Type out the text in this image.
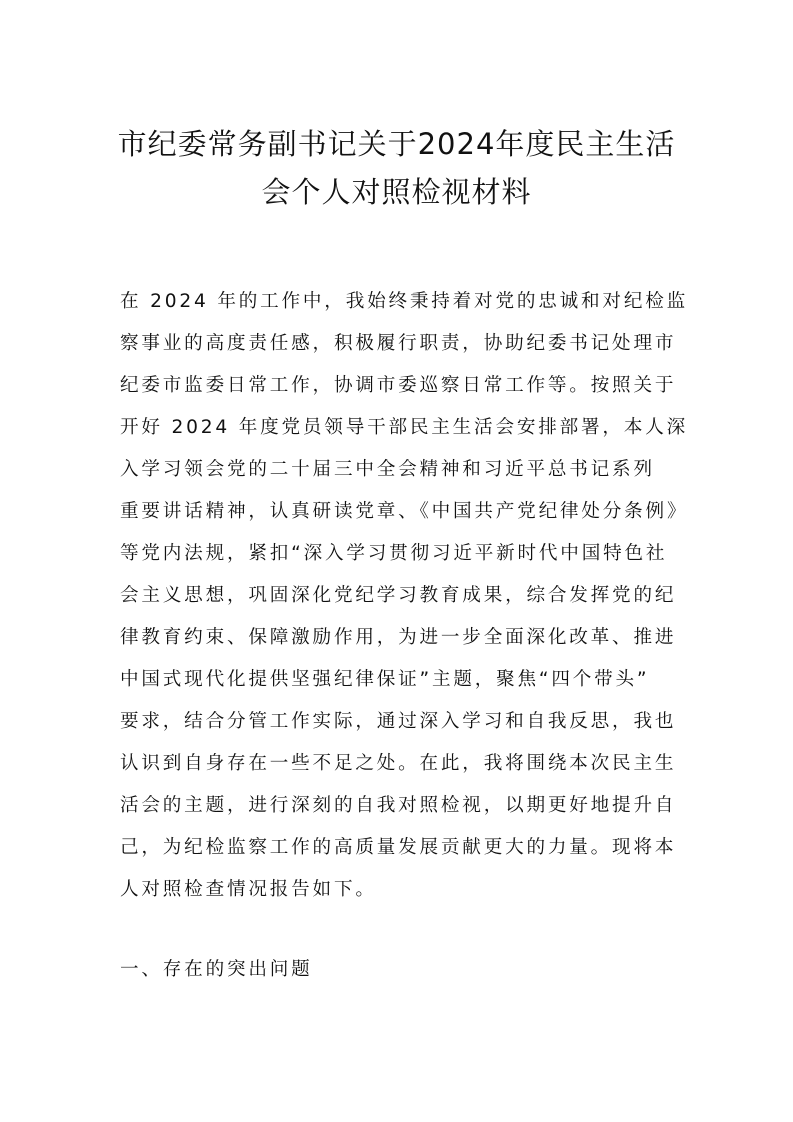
市纪委常务副书记关于2024年度民主生活
会个人对照检视材料
在 2024 年的工作中，我始终秉持着对党的忠诚和对纪检监
察事业的高度责任感，积极履行职责，协助纪委书记处理市
纪委市监委日常工作，协调市委巡察日常工作等。按照关于
开好 2024 年度党员领导干部民主生活会安排部署，本人深
入学习领会党的二十届三中全会精神和习近平总书记系列
重要讲话精神，认真研读党章、《中国共产党纪律处分条例》
等党内法规，紧扣“深入学习贯彻习近平新时代中国特色社
会主义思想，巩固深化党纪学习教育成果，综合发挥党的纪
律教育约束、保障激励作用，为进一步全面深化改革、推进
中国式现代化提供坚强纪律保证”主题，聚焦“四个带头”
要求，结合分管工作实际，通过深入学习和自我反思，我也
认识到自身存在一些不足之处。在此，我将围绕本次民主生
活会的主题，进行深刻的自我对照检视，以期更好地提升自
己，为纪检监察工作的高质量发展贡献更大的力量。现将本
人对照检查情况报告如下。
一、存在的突出问题
